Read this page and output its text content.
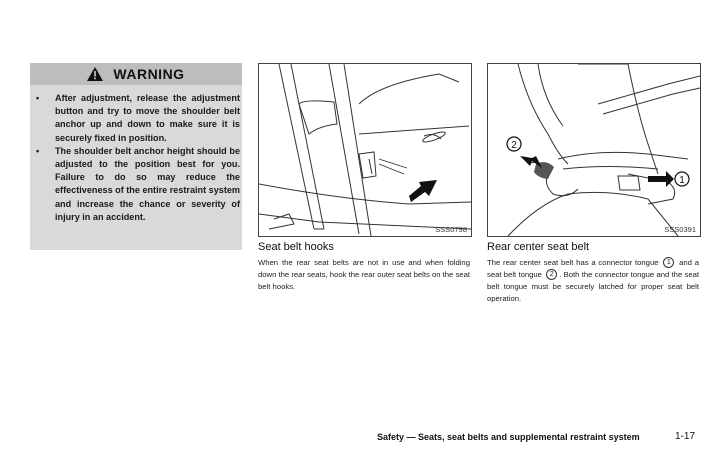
WARNING
• After adjustment, release the adjustment button and try to move the shoulder belt anchor up and down to make sure it is securely fixed in position.
• The shoulder belt anchor height should be adjusted to the position best for you. Failure to do so may reduce the effectiveness of the entire restraint system and increase the chance or severity of injury in an accident.
SSS0798
2
1
SSS0391
Seat belt hooks
When the rear seat belts are not in use and when folding down the rear seats, hook the rear outer seat belts on the seat belt hooks.
Rear center seat belt
The rear center seat belt has a connector tongue 1 and a seat belt tongue 2 . Both the connector tongue and the seat belt tongue must be securely latched for proper seat belt operation.
Safety — Seats, seat belts and supplemental restraint system	1-17
